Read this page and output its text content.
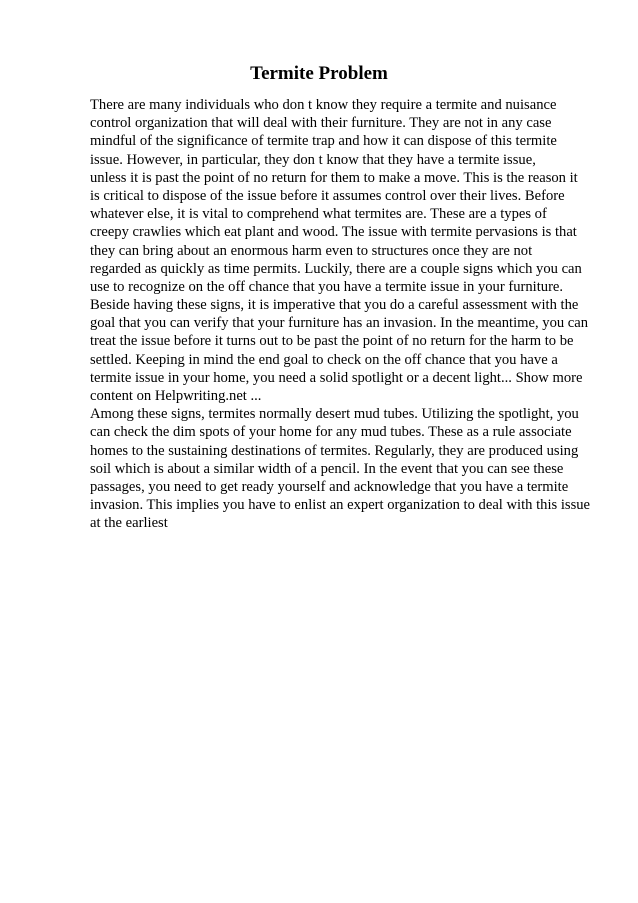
Termite Problem
There are many individuals who don t know they require a termite and nuisance
control organization that will deal with their furniture. They are not in any case
mindful of the significance of termite trap and how it can dispose of this termite
issue. However, in particular, they don t know that they have a termite issue,
unless it is past the point of no return for them to make a move. This is the reason it
is critical to dispose of the issue before it assumes control over their lives. Before
whatever else, it is vital to comprehend what termites are. These are a types of
creepy crawlies which eat plant and wood. The issue with termite pervasions is that
they can bring about an enormous harm even to structures once they are not
regarded as quickly as time permits. Luckily, there are a couple signs which you can
use to recognize on the off chance that you have a termite issue in your furniture.
Beside having these signs, it is imperative that you do a careful assessment with the
goal that you can verify that your furniture has an invasion. In the meantime, you can
treat the issue before it turns out to be past the point of no return for the harm to be
settled. Keeping in mind the end goal to check on the off chance that you have a
termite issue in your home, you need a solid spotlight or a decent light... Show more
content on Helpwriting.net ...
Among these signs, termites normally desert mud tubes. Utilizing the spotlight, you
can check the dim spots of your home for any mud tubes. These as a rule associate
homes to the sustaining destinations of termites. Regularly, they are produced using
soil which is about a similar width of a pencil. In the event that you can see these
passages, you need to get ready yourself and acknowledge that you have a termite
invasion. This implies you have to enlist an expert organization to deal with this issue
at the earliest
